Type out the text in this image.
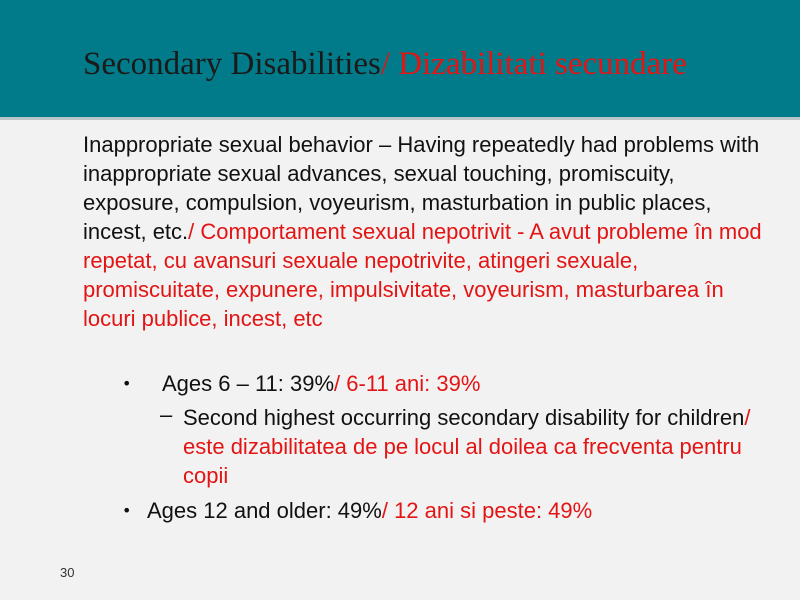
Secondary Disabilities/ Dizabilitati secundare

Inappropriate sexual behavior – Having repeatedly had problems with inappropriate sexual advances, sexual touching, promiscuity, exposure, compulsion, voyeurism, masturbation in public places, incest, etc./ Comportament sexual nepotrivit - A avut probleme în mod repetat, cu avansuri sexuale nepotrivite, atingeri sexuale, promiscuitate, expunere, impulsivitate, voyeurism, masturbarea în locuri publice, incest, etc

• Ages 6 – 11: 39%/ 6-11 ani: 39%

– Second highest occurring secondary disability for children/ este dizabilitatea de pe locul al doilea ca frecventa pentru copii

• Ages 12 and older: 49%/ 12 ani si peste: 49%

30
